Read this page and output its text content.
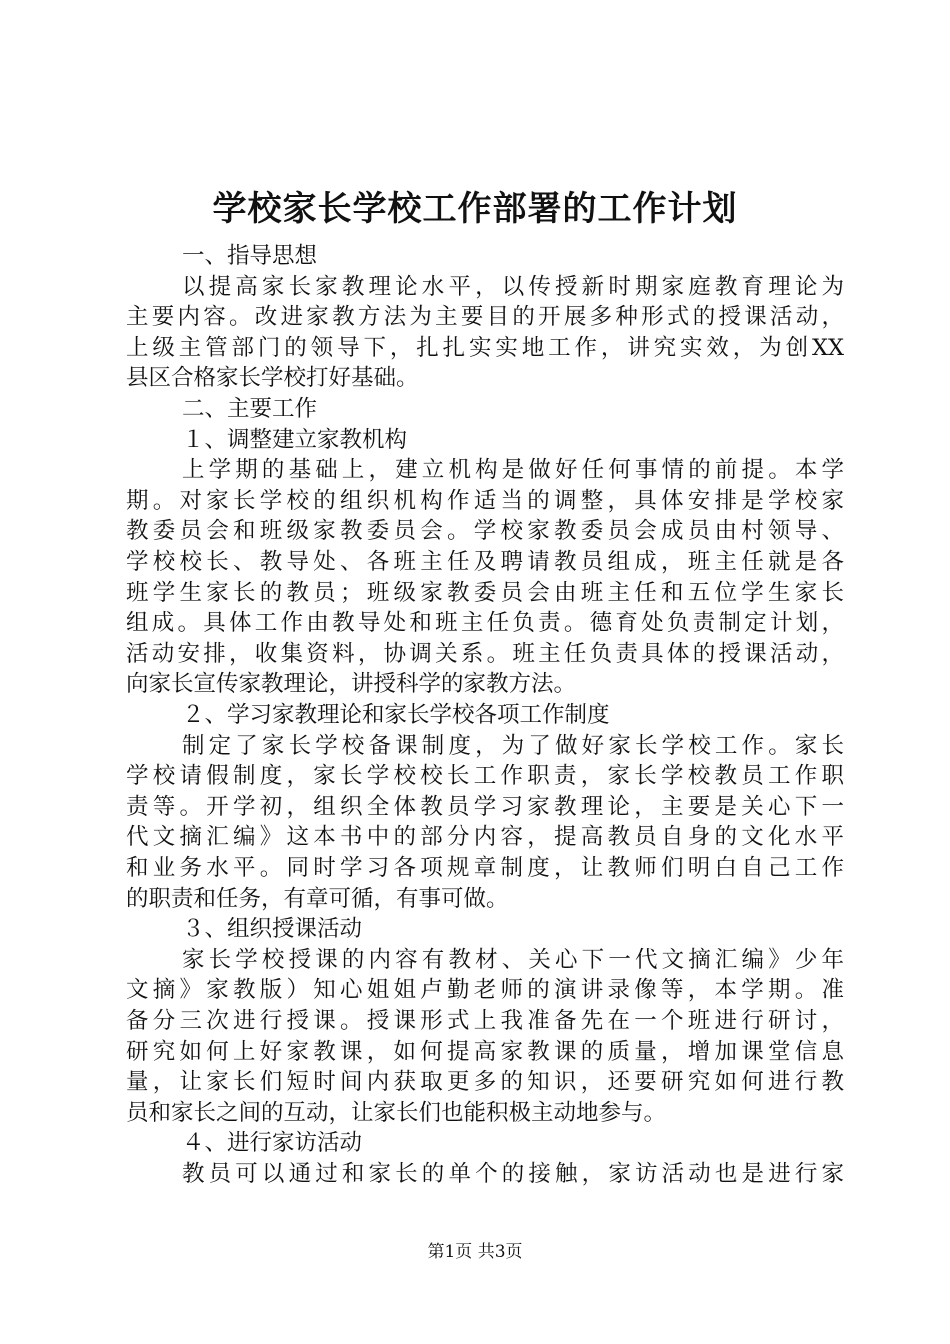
学校家长学校工作部署的工作计划
一、指导思想
以提高家长家教理论水平，以传授新时期家庭教育理论为
主要内容。改进家教方法为主要目的开展多种形式的授课活动，
上级主管部门的领导下，扎扎实实地工作，讲究实效，为创XX
县区合格家长学校打好基础。
二、主要工作
１、调整建立家教机构
上学期的基础上，建立机构是做好任何事情的前提。本学
期。对家长学校的组织机构作适当的调整，具体安排是学校家
教委员会和班级家教委员会。学校家教委员会成员由村领导、
学校校长、教导处、各班主任及聘请教员组成，班主任就是各
班学生家长的教员；班级家教委员会由班主任和五位学生家长
组成。具体工作由教导处和班主任负责。德育处负责制定计划，
活动安排，收集资料，协调关系。班主任负责具体的授课活动，
向家长宣传家教理论，讲授科学的家教方法。
２、学习家教理论和家长学校各项工作制度
制定了家长学校备课制度，为了做好家长学校工作。家长
学校请假制度，家长学校校长工作职责，家长学校教员工作职
责等。开学初，组织全体教员学习家教理论，主要是关心下一
代文摘汇编》这本书中的部分内容，提高教员自身的文化水平
和业务水平。同时学习各项规章制度，让教师们明白自己工作
的职责和任务，有章可循，有事可做。
３、组织授课活动
家长学校授课的内容有教材、关心下一代文摘汇编》少年
文摘》家教版）知心姐姐卢勤老师的演讲录像等，本学期。准
备分三次进行授课。授课形式上我准备先在一个班进行研讨，
研究如何上好家教课，如何提高家教课的质量，增加课堂信息
量，让家长们短时间内获取更多的知识，还要研究如何进行教
员和家长之间的互动，让家长们也能积极主动地参与。
４、进行家访活动
教员可以通过和家长的单个的接触，家访活动也是进行家
第1页 共3页
